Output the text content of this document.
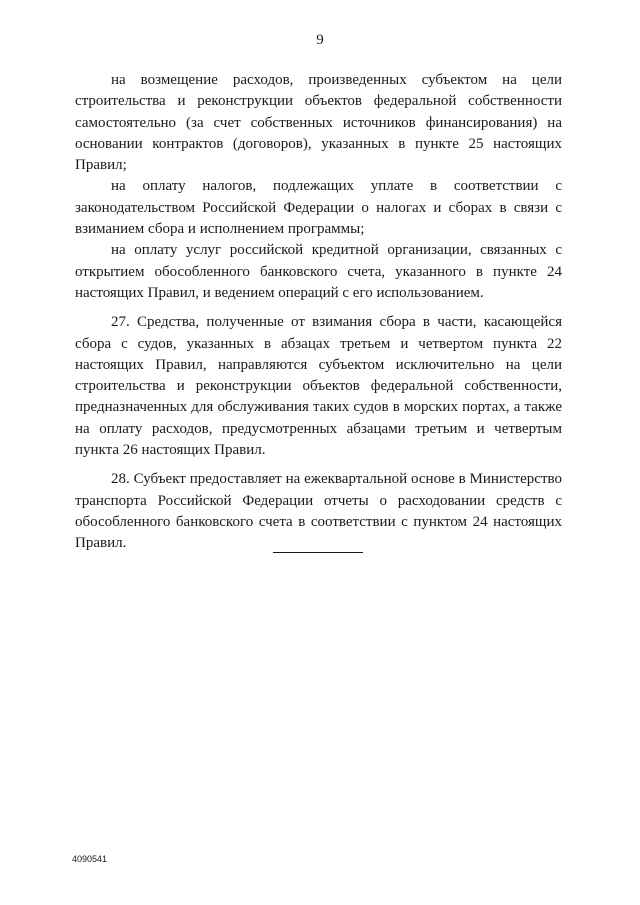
9

на возмещение расходов, произведенных субъектом на цели строительства и реконструкции объектов федеральной собственности самостоятельно (за счет собственных источников финансирования) на основании контрактов (договоров), указанных в пункте 25 настоящих Правил;

на оплату налогов, подлежащих уплате в соответствии с законодательством Российской Федерации о налогах и сборах в связи с взиманием сбора и исполнением программы;

на оплату услуг российской кредитной организации, связанных с открытием обособленного банковского счета, указанного в пункте 24 настоящих Правил, и ведением операций с его использованием.

27. Средства, полученные от взимания сбора в части, касающейся сбора с судов, указанных в абзацах третьем и четвертом пункта 22 настоящих Правил, направляются субъектом исключительно на цели строительства и реконструкции объектов федеральной собственности, предназначенных для обслуживания таких судов в морских портах, а также на оплату расходов, предусмотренных абзацами третьим и четвертым пункта 26 настоящих Правил.

28. Субъект предоставляет на ежеквартальной основе в Министерство транспорта Российской Федерации отчеты о расходовании средств с обособленного банковского счета в соответствии с пунктом 24 настоящих Правил.

4090541
